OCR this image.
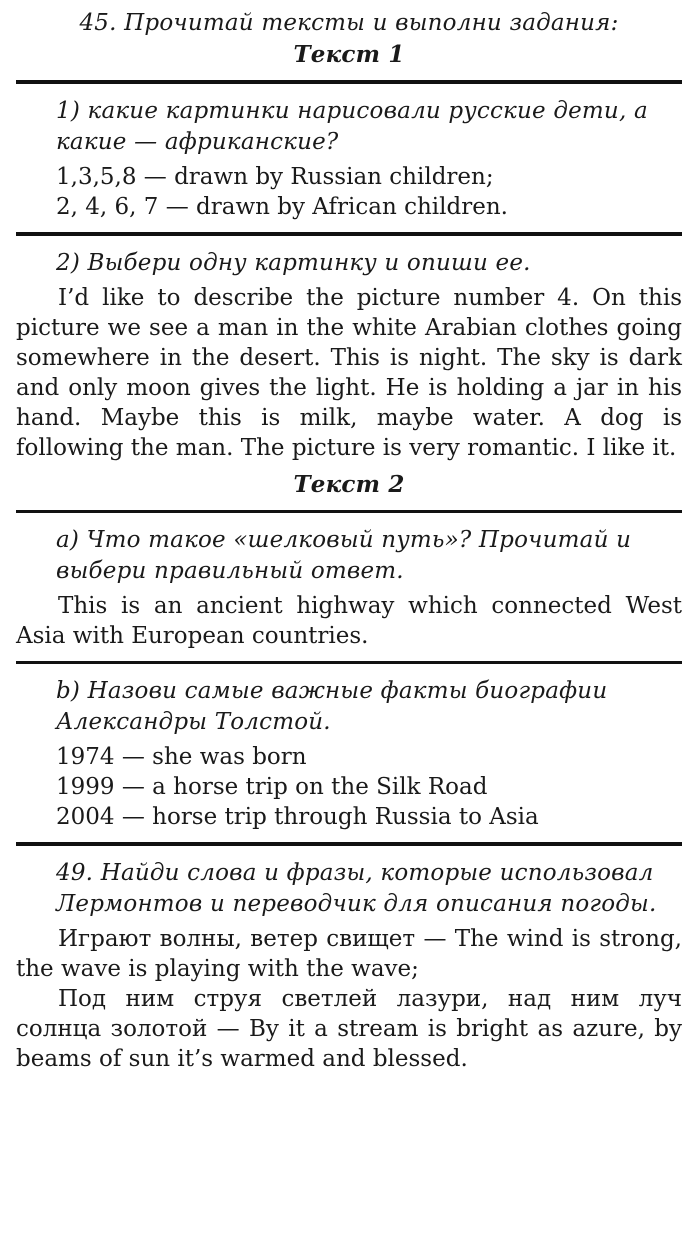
45. Прочитай тексты и выполни задания:
Текст 1
1) какие картинки нарисовали русские дети, а какие — африканские?
1,3,5,8 — drawn by Russian children;
2, 4, 6, 7 — drawn by African children.
2) Выбери одну картинку и опиши ее.
I’d like to describe the picture number 4. On this picture we see a man in the white Arabian clothes going somewhere in the desert. This is night. The sky is dark and only moon gives the light. He is holding a jar in his hand. Maybe this is milk, maybe water. A dog is following the man. The picture is very romantic. I like it.
Текст 2
а) Что такое «шелковый путь»? Прочитай и выбери правильный ответ.
This is an ancient highway which connected West Asia with European countries.
b) Назови самые важные факты биографии Александры Толстой.
1974 — she was born
1999 — a horse trip on the Silk Road
2004 — horse trip through Russia to Asia
49. Найди слова и фразы, которые использовал Лермонтов и переводчик для описания погоды.
Играют волны, ветер свищет — The wind is strong, the wave is playing with the wave;
Под ним струя светлей лазури, над ним луч солнца золотой — By it a stream is bright as azure, by beams of sun it’s warmed and blessed.
